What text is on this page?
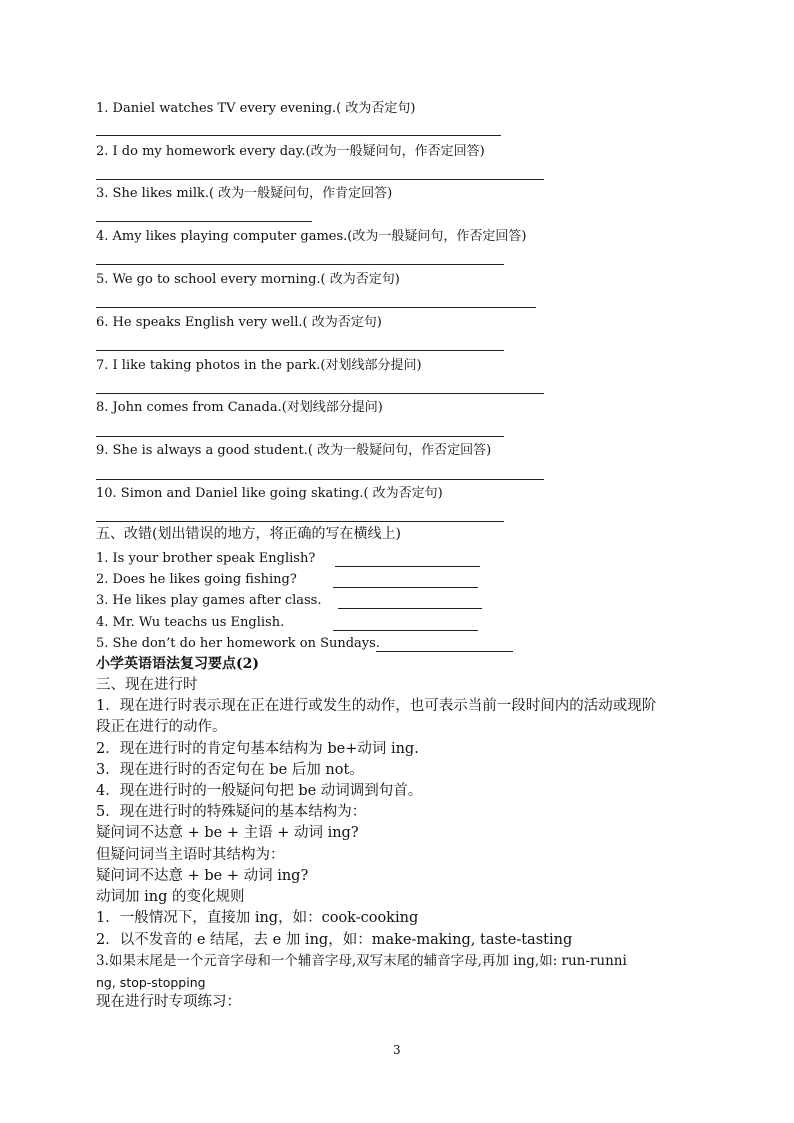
1. Daniel watches TV every evening.( 改为否定句)
2. I do my homework every day.(改为一般疑问句，作否定回答)
3. She likes milk.( 改为一般疑问句，作肯定回答)
4. Amy likes playing computer games.(改为一般疑问句，作否定回答)
5. We go to school every morning.( 改为否定句)
6. He speaks English very well.( 改为否定句)
7. I like taking photos in the park.(对划线部分提问)
8. John comes from Canada.(对划线部分提问)
9. She is always a good student.( 改为一般疑问句，作否定回答)
10. Simon and Daniel like going skating.( 改为否定句)
五、改错(划出错误的地方，将正确的写在横线上)
1. Is your brother speak English?
2. Does he likes going fishing?
3. He likes play games after class.
4. Mr. Wu teachs us English.
5. She don’t do her homework on Sundays.
小学英语语法复习要点(2)
三、现在进行时
1．现在进行时表示现在正在进行或发生的动作，也可表示当前一段时间内的活动或现阶
段正在进行的动作。
2．现在进行时的肯定句基本结构为 be+动词 ing.
3．现在进行时的否定句在 be 后加 not。
4．现在进行时的一般疑问句把 be 动词调到句首。
5．现在进行时的特殊疑问的基本结构为：
疑问词不达意 + be + 主语 + 动词 ing?
但疑问词当主语时其结构为：
疑问词不达意 + be + 动词 ing?
动词加 ing 的变化规则
1．一般情况下，直接加 ing，如：cook-cooking
2．以不发音的 e 结尾，去 e 加 ing，如：make-making, taste-tasting
3.如果末尾是一个元音字母和一个辅音字母,双写末尾的辅音字母,再加 ing,如: run-runni
ng, stop-stopping
现在进行时专项练习：
3
